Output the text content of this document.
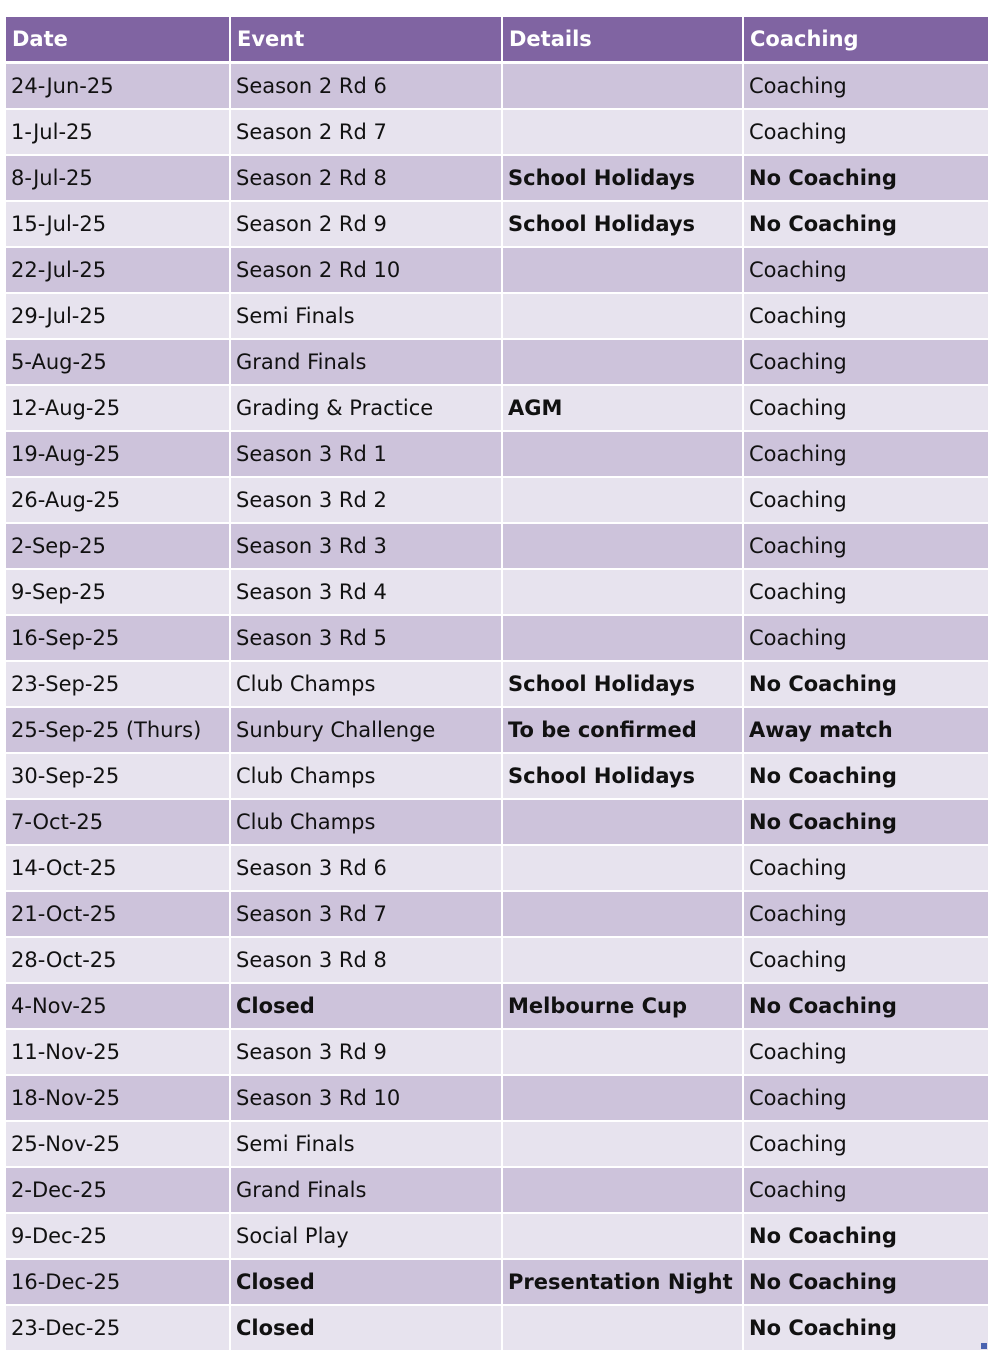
Date	Event	Details	Coaching
24-Jun-25	Season 2 Rd 6		Coaching
1-Jul-25	Season 2 Rd 7		Coaching
8-Jul-25	Season 2 Rd 8	School Holidays	No Coaching
15-Jul-25	Season 2 Rd 9	School Holidays	No Coaching
22-Jul-25	Season 2 Rd 10		Coaching
29-Jul-25	Semi Finals		Coaching
5-Aug-25	Grand Finals		Coaching
12-Aug-25	Grading & Practice	AGM	Coaching
19-Aug-25	Season 3 Rd 1		Coaching
26-Aug-25	Season 3 Rd 2		Coaching
2-Sep-25	Season 3 Rd 3		Coaching
9-Sep-25	Season 3 Rd 4		Coaching
16-Sep-25	Season 3 Rd 5		Coaching
23-Sep-25	Club Champs	School Holidays	No Coaching
25-Sep-25 (Thurs)	Sunbury Challenge	To be confirmed	Away match
30-Sep-25	Club Champs	School Holidays	No Coaching
7-Oct-25	Club Champs		No Coaching
14-Oct-25	Season 3 Rd 6		Coaching
21-Oct-25	Season 3 Rd 7		Coaching
28-Oct-25	Season 3 Rd 8		Coaching
4-Nov-25	Closed	Melbourne Cup	No Coaching
11-Nov-25	Season 3 Rd 9		Coaching
18-Nov-25	Season 3 Rd 10		Coaching
25-Nov-25	Semi Finals		Coaching
2-Dec-25	Grand Finals		Coaching
9-Dec-25	Social Play		No Coaching
16-Dec-25	Closed	Presentation Night	No Coaching
23-Dec-25	Closed		No Coaching
